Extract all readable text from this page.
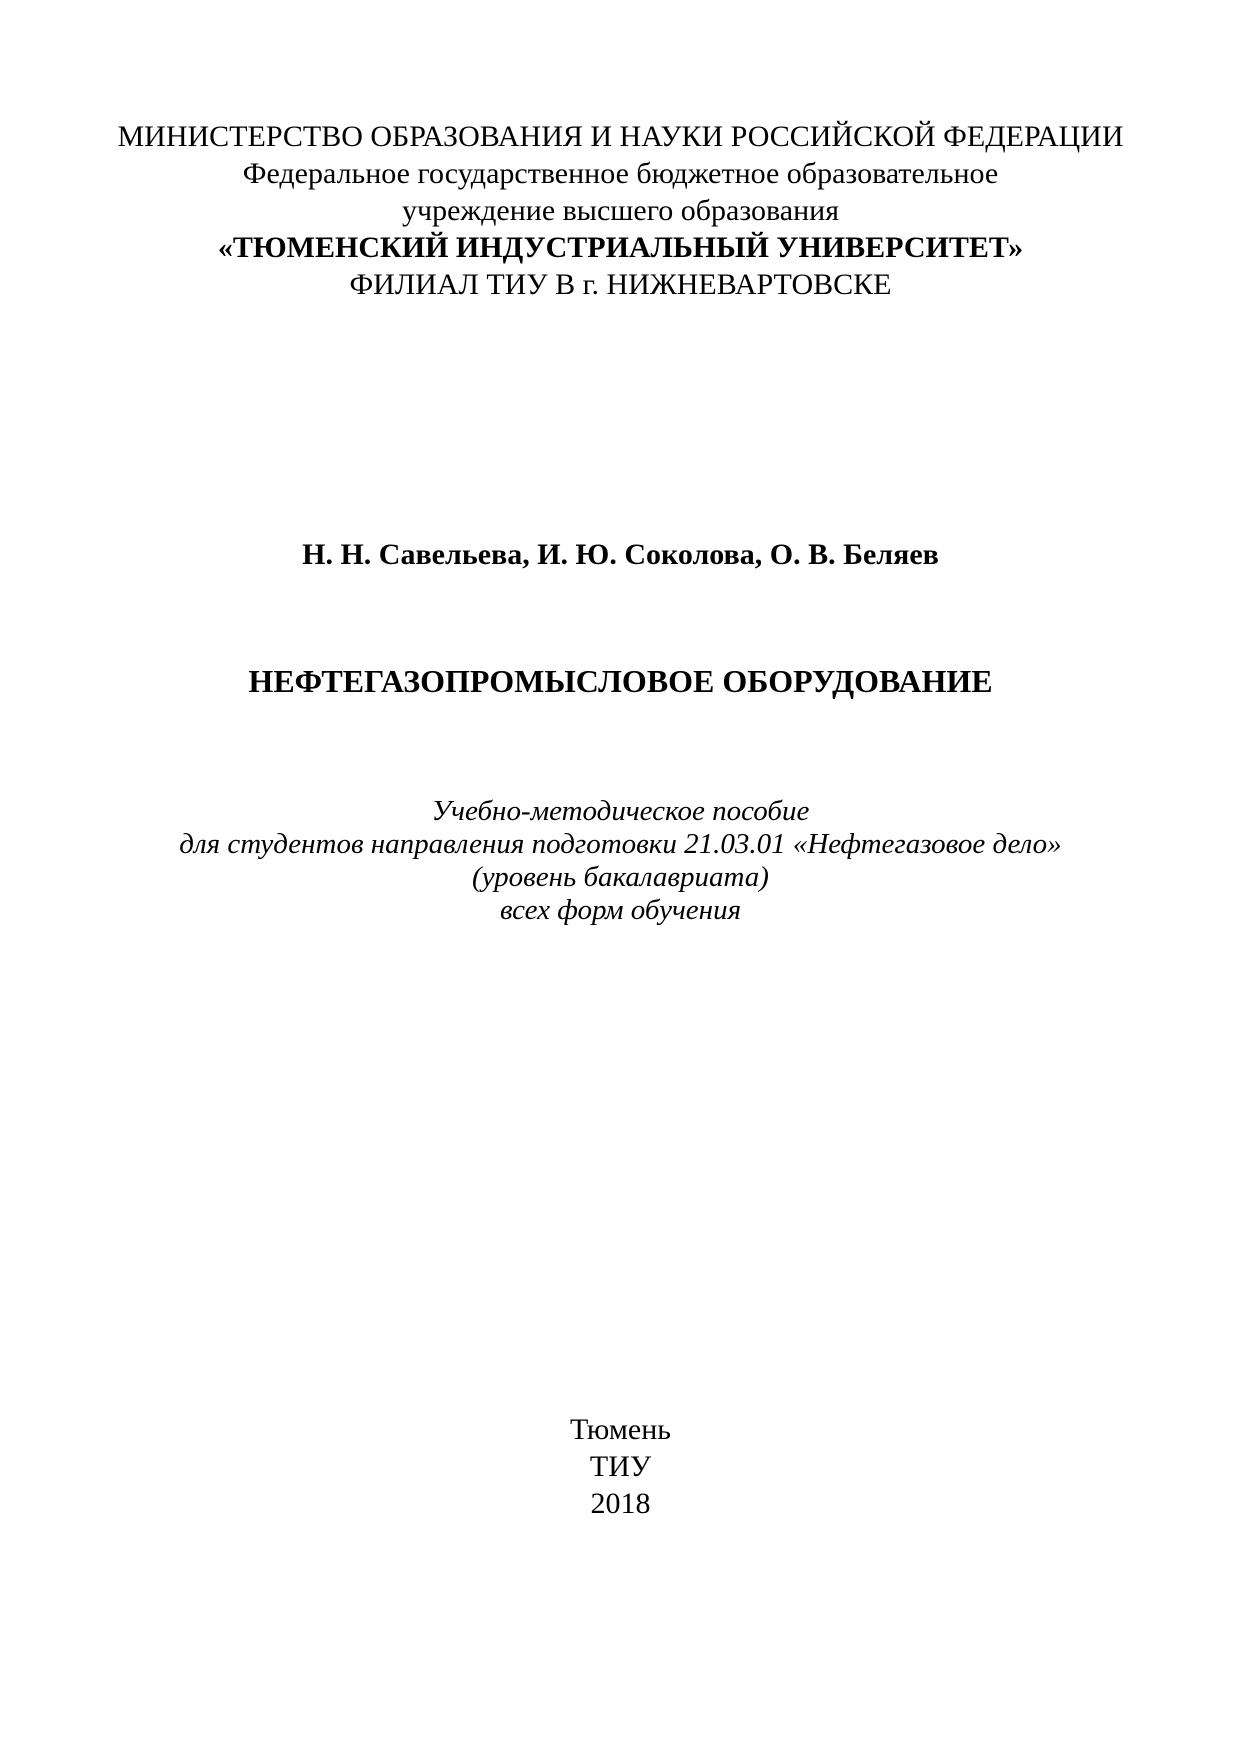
МИНИСТЕРСТВО ОБРАЗОВАНИЯ И НАУКИ РОССИЙСКОЙ ФЕДЕРАЦИИ
Федеральное государственное бюджетное образовательное
учреждение высшего образования
«ТЮМЕНСКИЙ ИНДУСТРИАЛЬНЫЙ УНИВЕРСИТЕТ»
ФИЛИАЛ ТИУ В г. НИЖНЕВАРТОВСКЕ
Н. Н. Савельева, И. Ю. Соколова, О. В. Беляев
НЕФТЕГАЗОПРОМЫСЛОВОЕ ОБОРУДОВАНИЕ
Учебно-методическое пособие
для студентов направления подготовки 21.03.01 «Нефтегазовое дело»
(уровень бакалавриата)
всех форм обучения
Тюмень
ТИУ
2018
